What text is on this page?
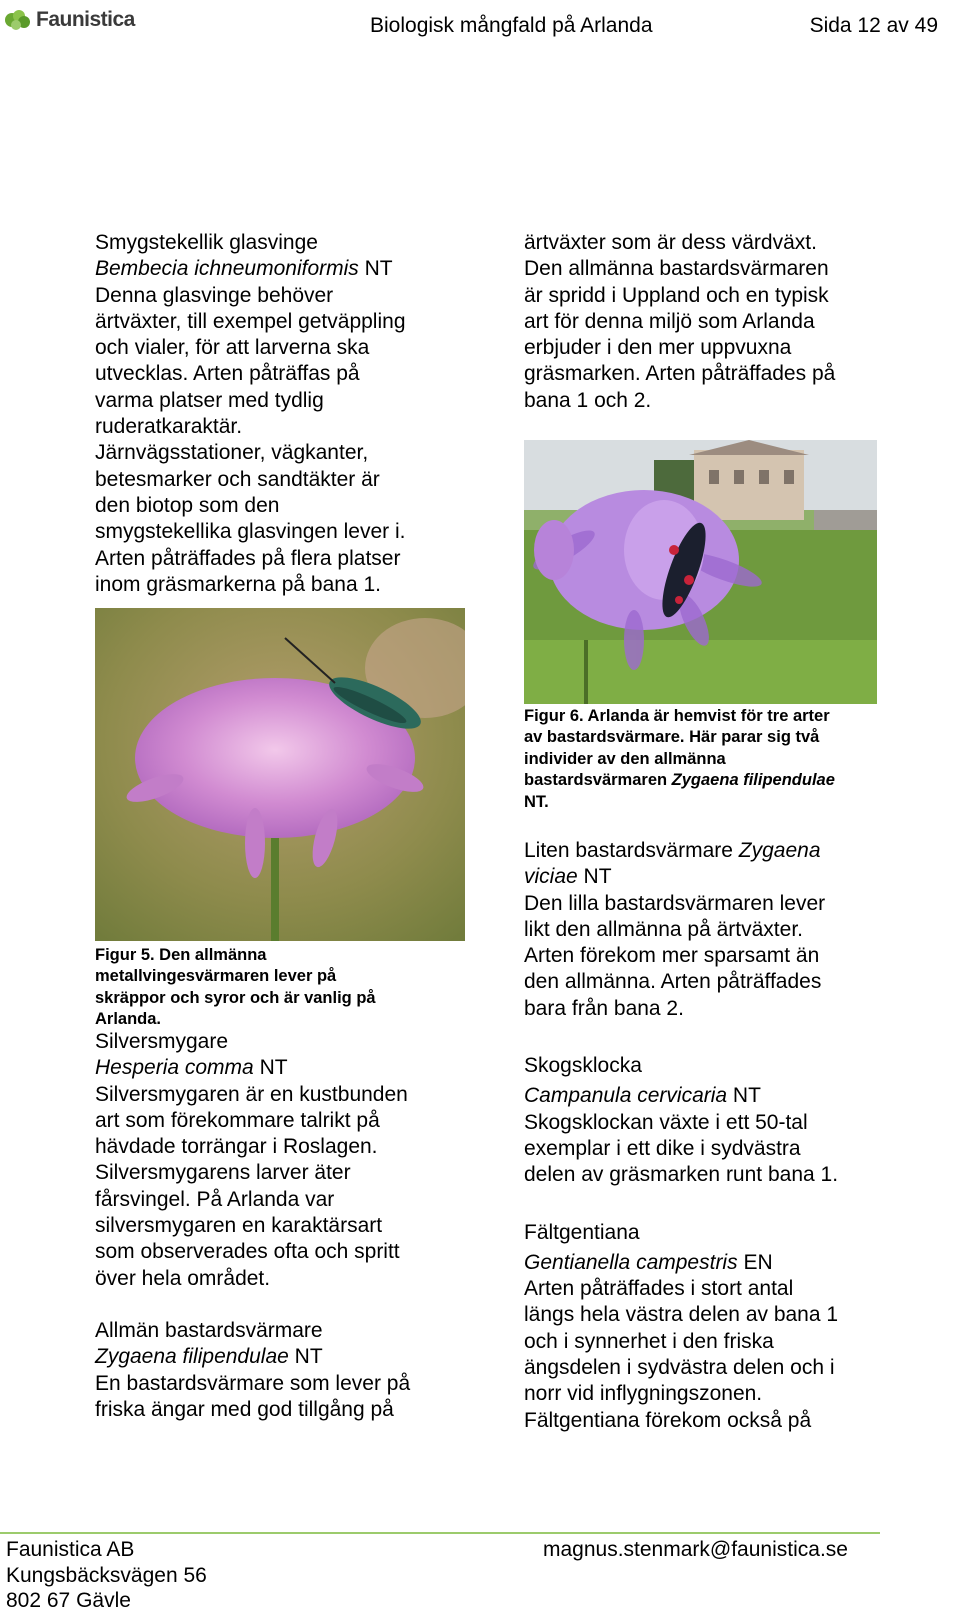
Faunistica	Biologisk mångfald på Arlanda	Sida 12 av 49

Smygstekellik glasvinge

Bembecia ichneumoniformis NT

Denna glasvinge behöver

ärtväxter, till exempel getväppling

och vialer, för att larverna ska

utvecklas. Arten påträffas på

varma platser med tydlig

ruderatkaraktär.

Järnvägsstationer, vägkanter,

betesmarker och sandtäkter är

den biotop som den

smygstekellika glasvingen lever i.

Arten påträffades på flera platser

inom gräsmarkerna på bana 1.

Figur 5. Den allmänna
metallvingesvärmaren lever på
skräppor och syror och är vanlig på
Arlanda.

Silversmygare

Hesperia comma NT

Silversmygaren är en kustbunden

art som förekommare talrikt på

hävdade torrängar i Roslagen.

Silversmygarens larver äter

fårsvingel. På Arlanda var

silversmygaren en karaktärsart

som observerades ofta och spritt

över hela området.

Allmän bastardsvärmare

Zygaena filipendulae NT

En bastardsvärmare som lever på

friska ängar med god tillgång på

ärtväxter som är dess värdväxt.

Den allmänna bastardsvärmaren

är spridd i Uppland och en typisk

art för denna miljö som Arlanda

erbjuder i den mer uppvuxna

gräsmarken. Arten påträffades på

bana 1 och 2.

Figur 6. Arlanda är hemvist för tre arter
av bastardsvärmare. Här parar sig två
individer av den allmänna
bastardsvärmaren Zygaena filipendulae
NT.

Liten bastardsvärmare Zygaena

viciae NT

Den lilla bastardsvärmaren lever

likt den allmänna på ärtväxter.

Arten förekom mer sparsamt än

den allmänna. Arten påträffades

bara från bana 2.

Skogsklocka

Campanula cervicaria NT

Skogsklockan växte i ett 50-tal

exemplar i ett dike i sydvästra

delen av gräsmarken runt bana 1.

Fältgentiana

Gentianella campestris EN

Arten påträffades i stort antal

längs hela västra delen av bana 1

och i synnerhet i den friska

ängsdelen i sydvästra delen och i

norr vid inflygningszonen.

Fältgentiana förekom också på

Faunistica AB
Kungsbäcksvägen 56
802 67 Gävle
magnus.stenmark@faunistica.se
